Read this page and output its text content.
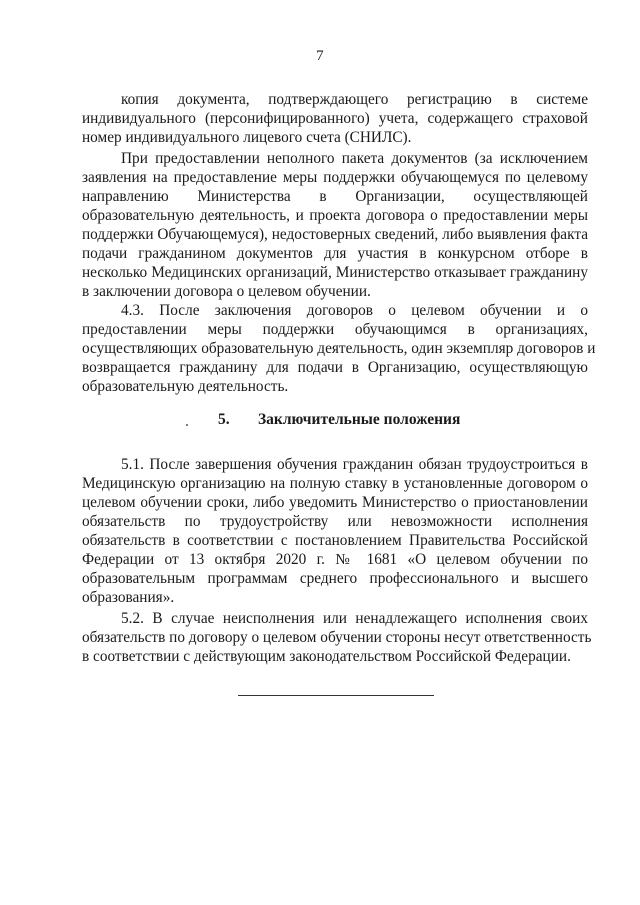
7
копия документа, подтверждающего регистрацию в системе
индивидуального (персонифицированного) учета, содержащего страховой
номер индивидуального лицевого счета (СНИЛС).
При предоставлении неполного пакета документов (за исключением
заявления на предоставление меры поддержки обучающемуся по целевому
направлению Министерства в Организации, осуществляющей
образовательную деятельность, и проекта договора о предоставлении меры
поддержки Обучающемуся), недостоверных сведений, либо выявления факта
подачи гражданином документов для участия в конкурсном отборе в
несколько Медицинских организаций, Министерство отказывает гражданину
в заключении договора о целевом обучении.
4.3. После заключения договоров о целевом обучении и о
предоставлении меры поддержки обучающимся в организациях,
осуществляющих образовательную деятельность, один экземпляр договоров и
возвращается гражданину для подачи в Организацию, осуществляющую
образовательную деятельность.
5. Заключительные положения
5.1. После завершения обучения гражданин обязан трудоустроиться в
Медицинскую организацию на полную ставку в установленные договором о
целевом обучении сроки, либо уведомить Министерство о приостановлении
обязательств по трудоустройству или невозможности исполнения
обязательств в соответствии с постановлением Правительства Российской
Федерации от 13 октября 2020 г. № 1681 «О целевом обучении по
образовательным программам среднего профессионального и высшего
образования».
5.2. В случае неисполнения или ненадлежащего исполнения своих
обязательств по договору о целевом обучении стороны несут ответственность
в соответствии с действующим законодательством Российской Федерации.
